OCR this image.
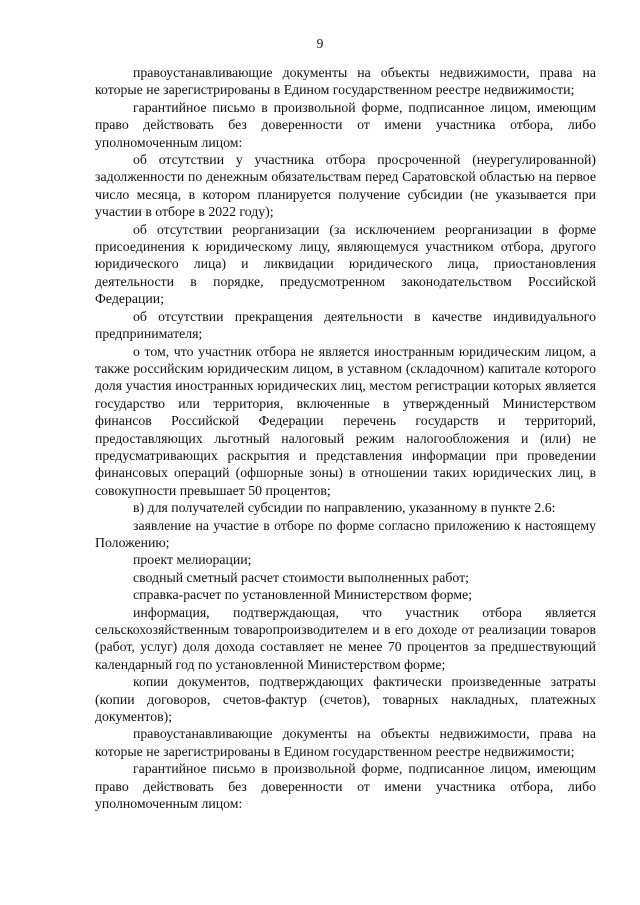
9

правоустанавливающие документы на объекты недвижимости, права на которые не зарегистрированы в Едином государственном реестре недвижимости;

гарантийное письмо в произвольной форме, подписанное лицом, имеющим право действовать без доверенности от имени участника отбора, либо уполномоченным лицом:

об отсутствии у участника отбора просроченной (неурегулированной) задолженности по денежным обязательствам перед Саратовской областью на первое число месяца, в котором планируется получение субсидии (не указывается при участии в отборе в 2022 году);

об отсутствии реорганизации (за исключением реорганизации в форме присоединения к юридическому лицу, являющемуся участником отбора, другого юридического лица) и ликвидации юридического лица, приостановления деятельности в порядке, предусмотренном законодательством Российской Федерации;

об отсутствии прекращения деятельности в качестве индивидуального предпринимателя;

о том, что участник отбора не является иностранным юридическим лицом, а также российским юридическим лицом, в уставном (складочном) капитале которого доля участия иностранных юридических лиц, местом регистрации которых является государство или территория, включенные в утвержденный Министерством финансов Российской Федерации перечень государств и территорий, предоставляющих льготный налоговый режим налогообложения и (или) не предусматривающих раскрытия и представления информации при проведении финансовых операций (офшорные зоны) в отношении таких юридических лиц, в совокупности превышает 50 процентов;

в) для получателей субсидии по направлению, указанному в пункте 2.6:

заявление на участие в отборе по форме согласно приложению к настоящему Положению;

проект мелиорации;

сводный сметный расчет стоимости выполненных работ;

справка-расчет по установленной Министерством форме;

информация, подтверждающая, что участник отбора является сельскохозяйственным товаропроизводителем и в его доходе от реализации товаров (работ, услуг) доля дохода составляет не менее 70 процентов за предшествующий календарный год по установленной Министерством форме;

копии документов, подтверждающих фактически произведенные затраты (копии договоров, счетов-фактур (счетов), товарных накладных, платежных документов);

правоустанавливающие документы на объекты недвижимости, права на которые не зарегистрированы в Едином государственном реестре недвижимости;

гарантийное письмо в произвольной форме, подписанное лицом, имеющим право действовать без доверенности от имени участника отбора, либо уполномоченным лицом:
